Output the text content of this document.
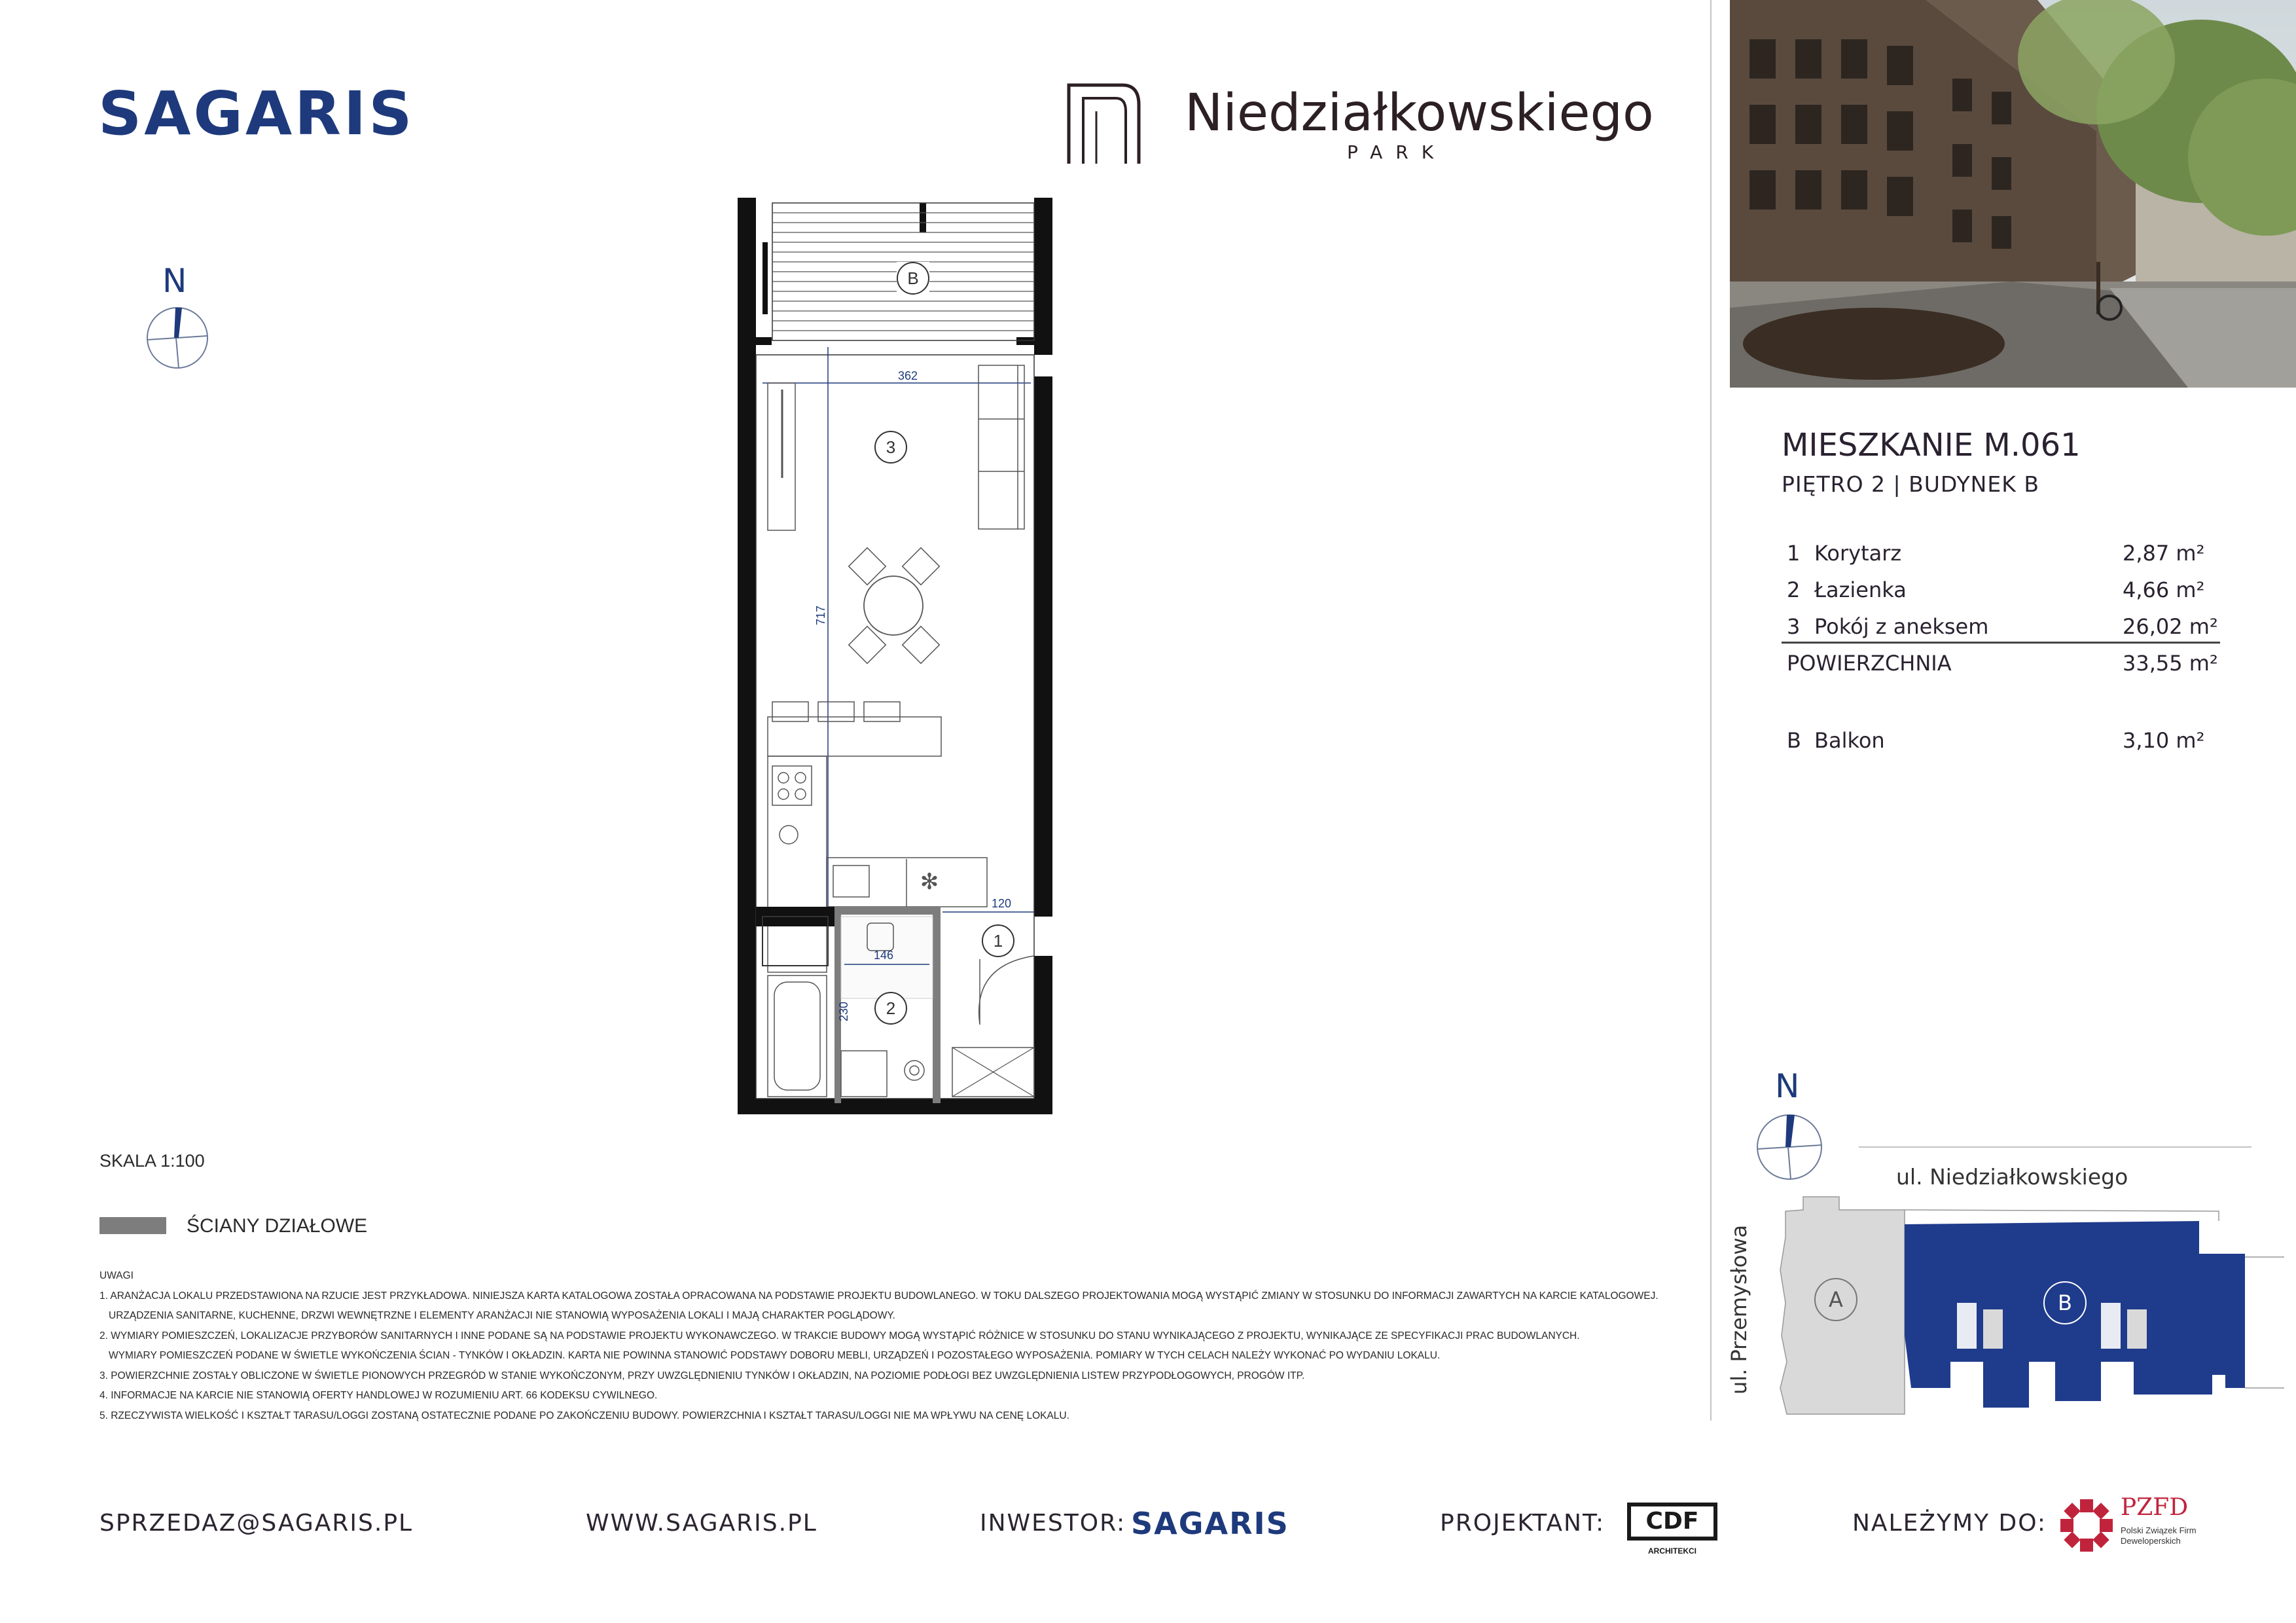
SAGARIS	Niedziałkowskiego
PARK
N	B
362
717
3
✻
146
230 2
120
1
SKALA 1:100
ŚCIANY DZIAŁOWE
UWAGI
1. ARANŻACJA LOKALU PRZEDSTAWIONA NA RZUCIE JEST PRZYKŁADOWA. NINIEJSZA KARTA KATALOGOWA ZOSTAŁA OPRACOWANA NA PODSTAWIE PROJEKTU BUDOWLANEGO. W TOKU DALSZEGO PROJEKTOWANIA MOGĄ WYSTĄPIĆ ZMIANY W STOSUNKU DO INFORMACJI ZAWARTYCH NA KARCIE KATALOGOWEJ.
URZĄDZENIA SANITARNE, KUCHENNE, DRZWI WEWNĘTRZNE I ELEMENTY ARANŻACJI NIE STANOWIĄ WYPOSAŻENIA LOKALI I MAJĄ CHARAKTER POGLĄDOWY.
2. WYMIARY POMIESZCZEŃ, LOKALIZACJE PRZYBORÓW SANITARNYCH I INNE PODANE SĄ NA PODSTAWIE PROJEKTU WYKONAWCZEGO. W TRAKCIE BUDOWY MOGĄ WYSTĄPIĆ RÓŻNICE W STOSUNKU DO STANU WYNIKAJĄCEGO Z PROJEKTU, WYNIKAJĄCE ZE SPECYFIKACJI PRAC BUDOWLANYCH.
WYMIARY POMIESZCZEŃ PODANE W ŚWIETLE WYKOŃCZENIA ŚCIAN - TYNKÓW I OKŁADZIN. KARTA NIE POWINNA STANOWIĆ PODSTAWY DOBORU MEBLI, URZĄDZEŃ I POZOSTAŁEGO WYPOSAŻENIA. POMIARY W TYCH CELACH NALEŻY WYKONAĆ PO WYDANIU LOKALU.
3. POWIERZCHNIE ZOSTAŁY OBLICZONE W ŚWIETLE PIONOWYCH PRZEGRÓD W STANIE WYKOŃCZONYM, PRZY UWZGLĘDNIENIU TYNKÓW I OKŁADZIN, NA POZIOMIE PODŁOGI BEZ UWZGLĘDNIENIA LISTEW PRZYPODŁOGOWYCH, PROGÓW ITP.
4. INFORMACJE NA KARCIE NIE STANOWIĄ OFERTY HANDLOWEJ W ROZUMIENIU ART. 66 KODEKSU CYWILNEGO.
5. RZECZYWISTA WIELKOŚĆ I KSZTAŁT TARASU/LOGGI ZOSTANĄ OSTATECZNIE PODANE PO ZAKOŃCZENIU BUDOWY. POWIERZCHNIA I KSZTAŁT TARASU/LOGGI NIE MA WPŁYWU NA CENĘ LOKALU.
MIESZKANIE M.061
PIĘTRO 2 | BUDYNEK B
1 Korytarz	2,87 m²
2 Łazienka	4,66 m²
3 Pokój z aneksem	26,02 m²
POWIERZCHNIA	33,55 m²
B Balkon	3,10 m²
N
ul. Niedziałkowskiego
ul. Przemysłowa	A	B
SPRZEDAZ@SAGARIS.PL	WWW.SAGARIS.PL	INWESTOR: SAGARIS	PROJEKTANT:	CDF
ARCHITEKCI
NALEŻYMY DO:
PZFD
Polski Związek Firm Deweloperskich
